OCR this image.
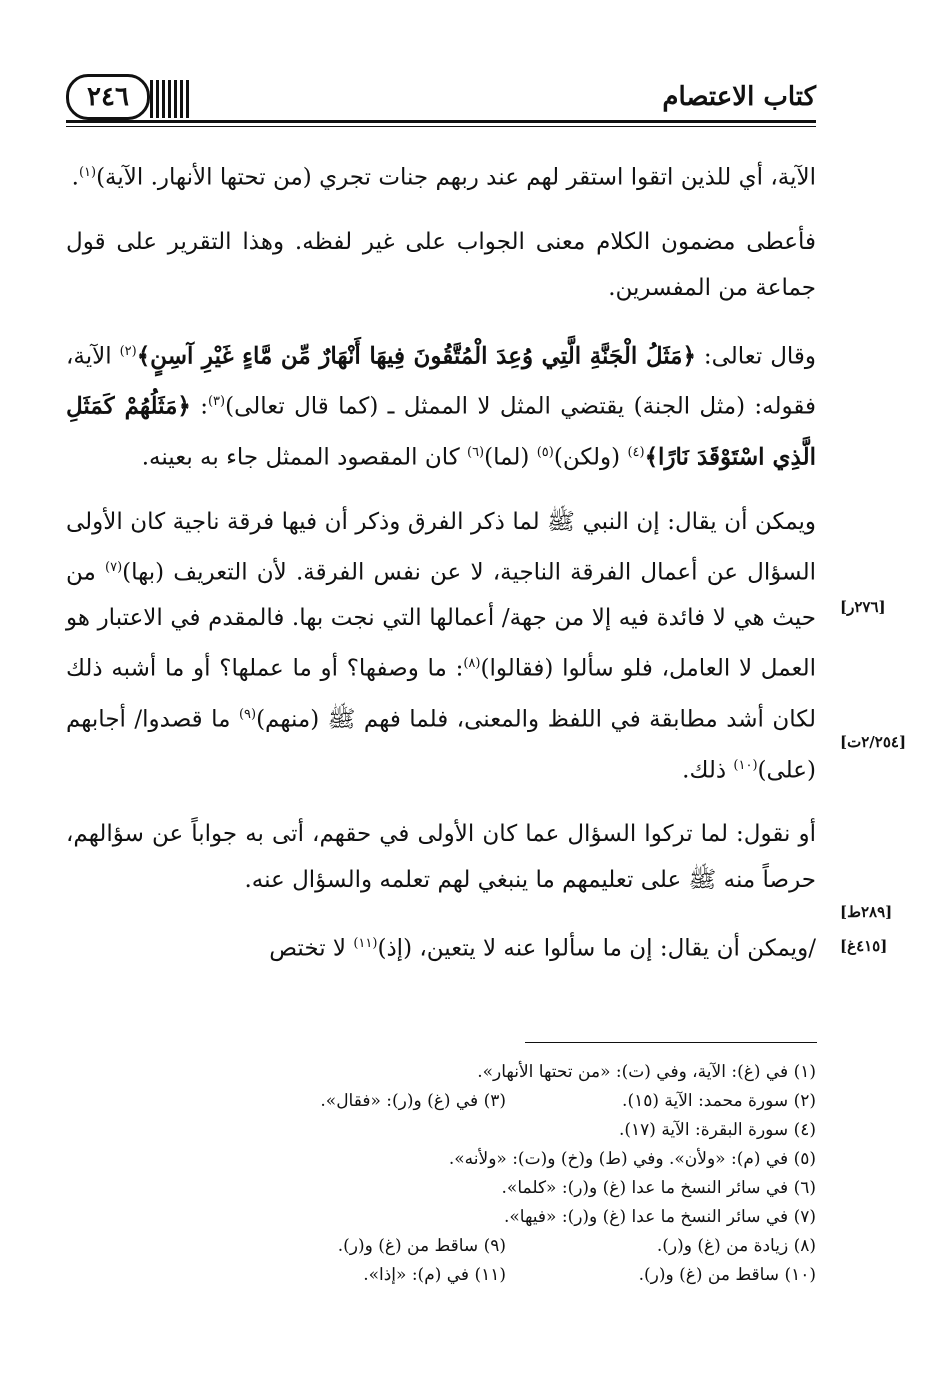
كتاب الاعتصام
٢٤٦

الآية، أي للذين اتقوا استقر لهم عند ربهم جنات تجري (من تحتها الأنهار. الآية)$^{(١)}$.

فأعطى مضمون الكلام معنى الجواب على غير لفظه. وهذا التقرير على قول جماعة من المفسرين.

وقال تعالى: ﴿مَثَلُ الْجَنَّةِ الَّتِي وُعِدَ الْمُتَّقُونَ فِيهَا أَنْهَارٌ مِّن مَّاءٍ غَيْرِ آسِنٍ﴾$^{(٢)}$ الآية، فقوله: (مثل الجنة) يقتضي المثل لا الممثل ـ (كما قال تعالى)$^{(٣)}$: ﴿مَثَلُهُمْ كَمَثَلِ الَّذِي اسْتَوْقَدَ نَارًا﴾$^{(٤)}$ (ولكن)$^{(٥)}$ (لما)$^{(٦)}$ كان المقصود الممثل جاء به بعينه.

ويمكن أن يقال: إن النبي ﷺ لما ذكر الفرق وذكر أن فيها فرقة ناجية كان الأولى السؤال عن أعمال الفرقة الناجية، لا عن نفس الفرقة. لأن التعريف (بها)$^{(٧)}$ من حيث هي لا فائدة فيه إلا من جهة/ أعمالها التي نجت بها. فالمقدم في الاعتبار هو العمل لا العامل، فلو سألوا (فقالوا)$^{(٨)}$: ما وصفها؟ أو ما عملها؟ أو ما أشبه ذلك لكان أشد مطابقة في اللفظ والمعنى، فلما فهم ﷺ (منهم)$^{(٩)}$ ما قصدوا/ أجابهم (على)$^{(١٠)}$ ذلك.

أو نقول: لما تركوا السؤال عما كان الأولى في حقهم، أتى به جواباً عن سؤالهم، حرصاً منه ﷺ على تعليمهم ما ينبغي لهم تعلمه والسؤال عنه.

/ويمكن أن يقال: إن ما سألوا عنه لا يتعين، (إذ)$^{(١١)}$ لا تختص

[٢٧٦ر]
[٢/٢٥٤ت]
[٢٨٩ط]
[٤١٥غ]
(١) في (غ): الآية، وفي (ت): «من تحتها الأنهار».
(٢) سورة محمد: الآية (١٥).
(٣) في (غ) و(ر): «فقال».
(٤) سورة البقرة: الآية (١٧).
(٥) في (م): «ولأن». وفي (ط) و(خ) و(ت): «ولأنه».
(٦) في سائر النسخ ما عدا (غ) و(ر): «كلما».
(٧) في سائر النسخ ما عدا (غ) و(ر): «فيها».
(٨) زيادة من (غ) و(ر).
(٩) ساقط من (غ) و(ر).
(١٠) ساقط من (غ) و(ر).
(١١) في (م): «إذا».
